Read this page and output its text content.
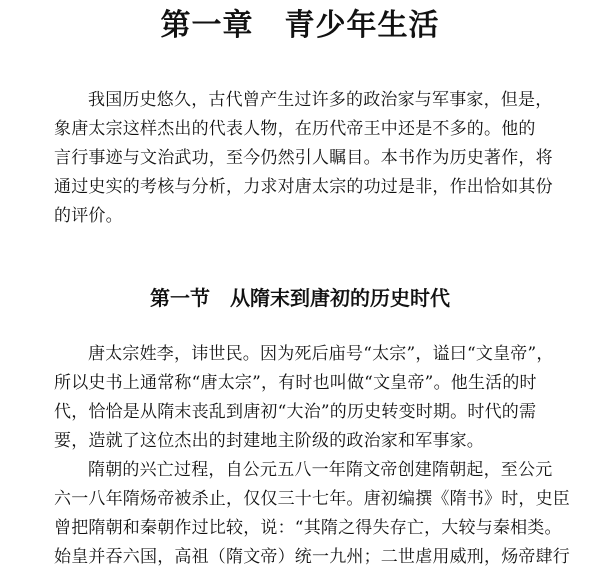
第一章　青少年生活
我国历史悠久，古代曾产生过许多的政治家与军事家，但是，
象唐太宗这样杰出的代表人物，在历代帝王中还是不多的。他的
言行事迹与文治武功，至今仍然引人瞩目。本书作为历史著作，将
通过史实的考核与分析，力求对唐太宗的功过是非，作出恰如其份
的评价。
第一节　从隋末到唐初的历史时代
唐太宗姓李，讳世民。因为死后庙号“太宗”，谥曰“文皇帝”，
所以史书上通常称“唐太宗”，有时也叫做“文皇帝”。他生活的时
代，恰恰是从隋末丧乱到唐初“大治”的历史转变时期。时代的需
要，造就了这位杰出的封建地主阶级的政治家和军事家。
隋朝的兴亡过程，自公元五八一年隋文帝创建隋朝起，至公元
六一八年隋炀帝被杀止，仅仅三十七年。唐初编撰《隋书》时，史臣
曾把隋朝和秦朝作过比较，说：“其隋之得失存亡，大较与秦相类。
始皇并吞六国，高祖（隋文帝）统一九州；二世虐用威刑，炀帝肆行
